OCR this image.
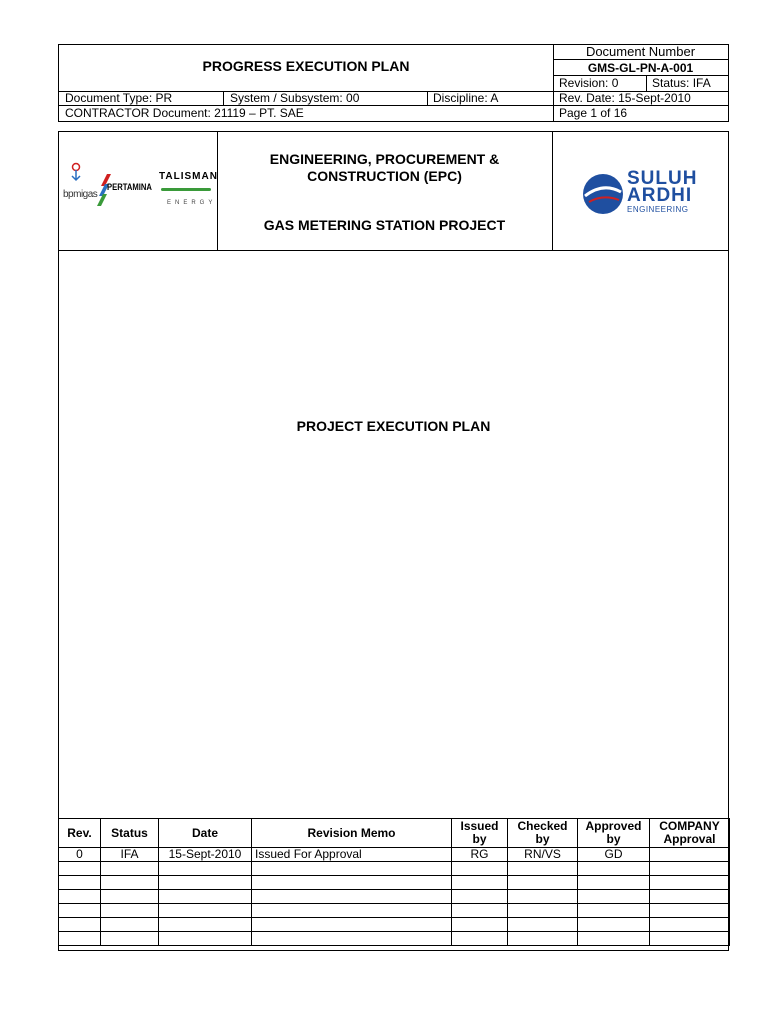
PROGRESS EXECUTION PLAN
Document Number
GMS-GL-PN-A-001
Revision: 0	Status: IFA
Document Type: PR	System / Subsystem: 00	Discipline: A	Rev. Date: 15-Sept-2010
CONTRACTOR Document: 21119 – PT. SAE	Page 1 of 16
bpmigas
PERTAMINA
TALISMAN
ENERGY
ENGINEERING, PROCUREMENT &
CONSTRUCTION (EPC)
GAS METERING STATION PROJECT
SULUH
ARDHI
ENGINEERING
PROJECT EXECUTION PLAN
Rev.	Status	Date	Revision Memo	Issued by	Checked by	Approved by	COMPANY Approval
0	IFA	15-Sept-2010	Issued For Approval	RG	RN/VS	GD	
